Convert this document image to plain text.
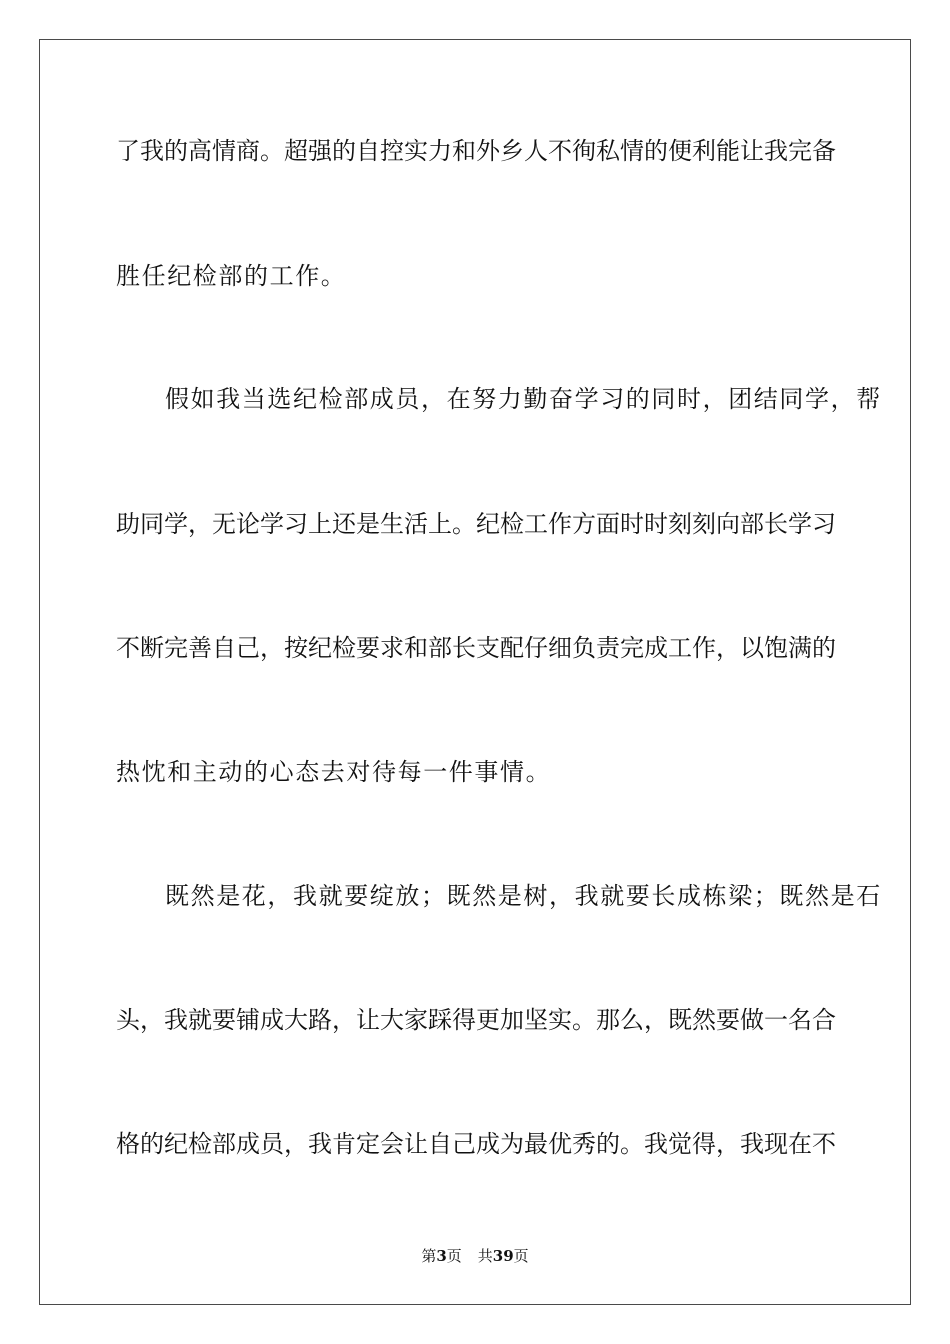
了我的高情商。超强的自控实力和外乡人不徇私情的便利能让我完备
胜任纪检部的工作。
假如我当选纪检部成员，在努力勤奋学习的同时，团结同学，帮
助同学，无论学习上还是生活上。纪检工作方面时时刻刻向部长学习
不断完善自己，按纪检要求和部长支配仔细负责完成工作，以饱满的
热忱和主动的心态去对待每一件事情。
既然是花，我就要绽放；既然是树，我就要长成栋梁；既然是石
头，我就要铺成大路，让大家踩得更加坚实。那么，既然要做一名合
格的纪检部成员，我肯定会让自己成为最优秀的。我觉得，我现在不
第3页 共39页
